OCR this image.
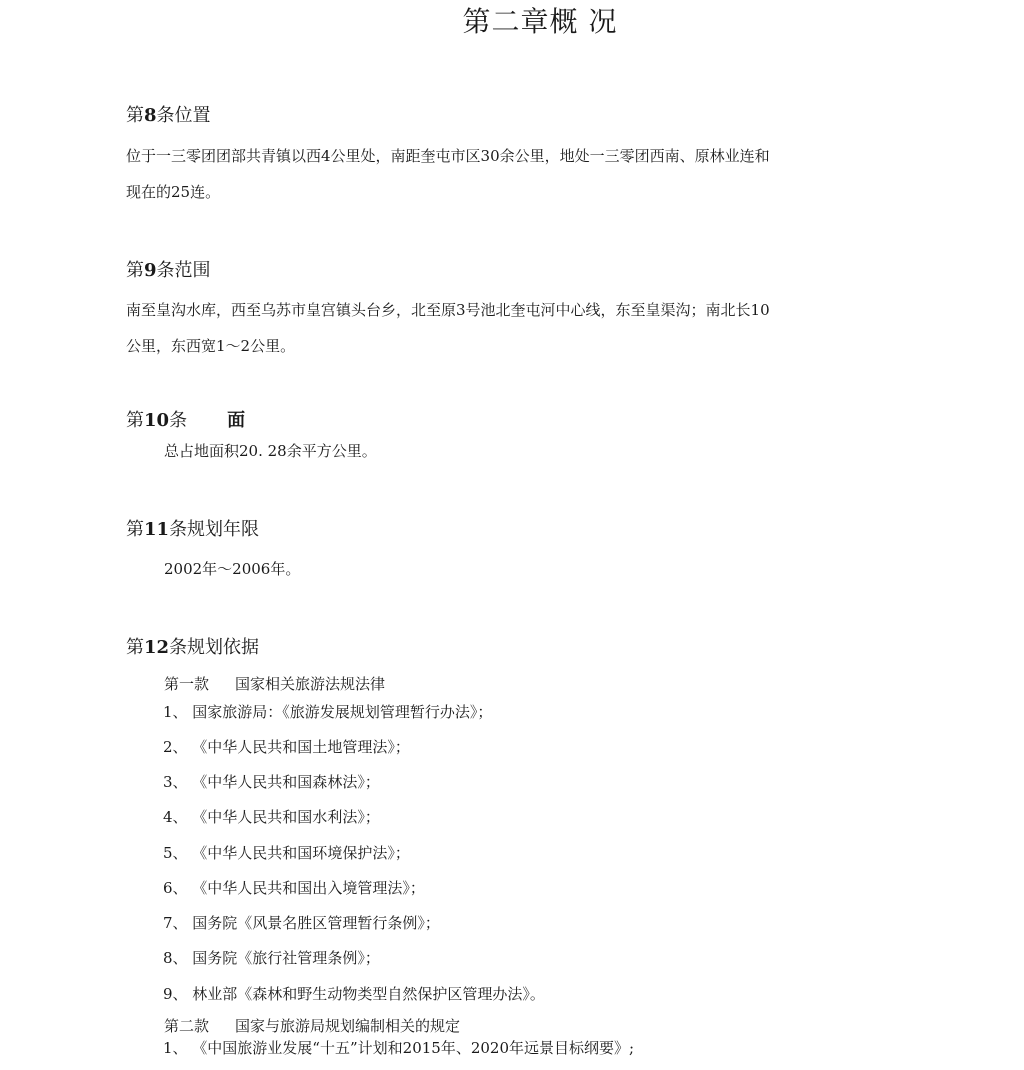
第二章概 况
第8条位置
位于一三零团团部共青镇以西4公里处，南距奎屯市区30余公里，地处一三零团西南、原林业连和
现在的25连。
第9条范围
南至皇沟水库，西至乌苏市皇宫镇头台乡，北至原3号池北奎屯河中心线，东至皇渠沟；南北长10
公里，东西宽1～2公里。
第10条 面
总占地面积20. 28余平方公里。
第11条规划年限
2002年～2006年。
第12条规划依据
第一款 国家相关旅游法规法律
1、 国家旅游局：《旅游发展规划管理暂行办法》；
2、 《中华人民共和国土地管理法》；
3、 《中华人民共和国森林法》；
4、 《中华人民共和国水利法》；
5、 《中华人民共和国环境保护法》；
6、 《中华人民共和国出入境管理法》；
7、 国务院《风景名胜区管理暂行条例》；
8、 国务院《旅行社管理条例》；
9、 林业部《森林和野生动物类型自然保护区管理办法》。
第二款 国家与旅游局规划编制相关的规定
1、 《中国旅游业发展“十五”计划和2015年、2020年远景目标纲要》;
